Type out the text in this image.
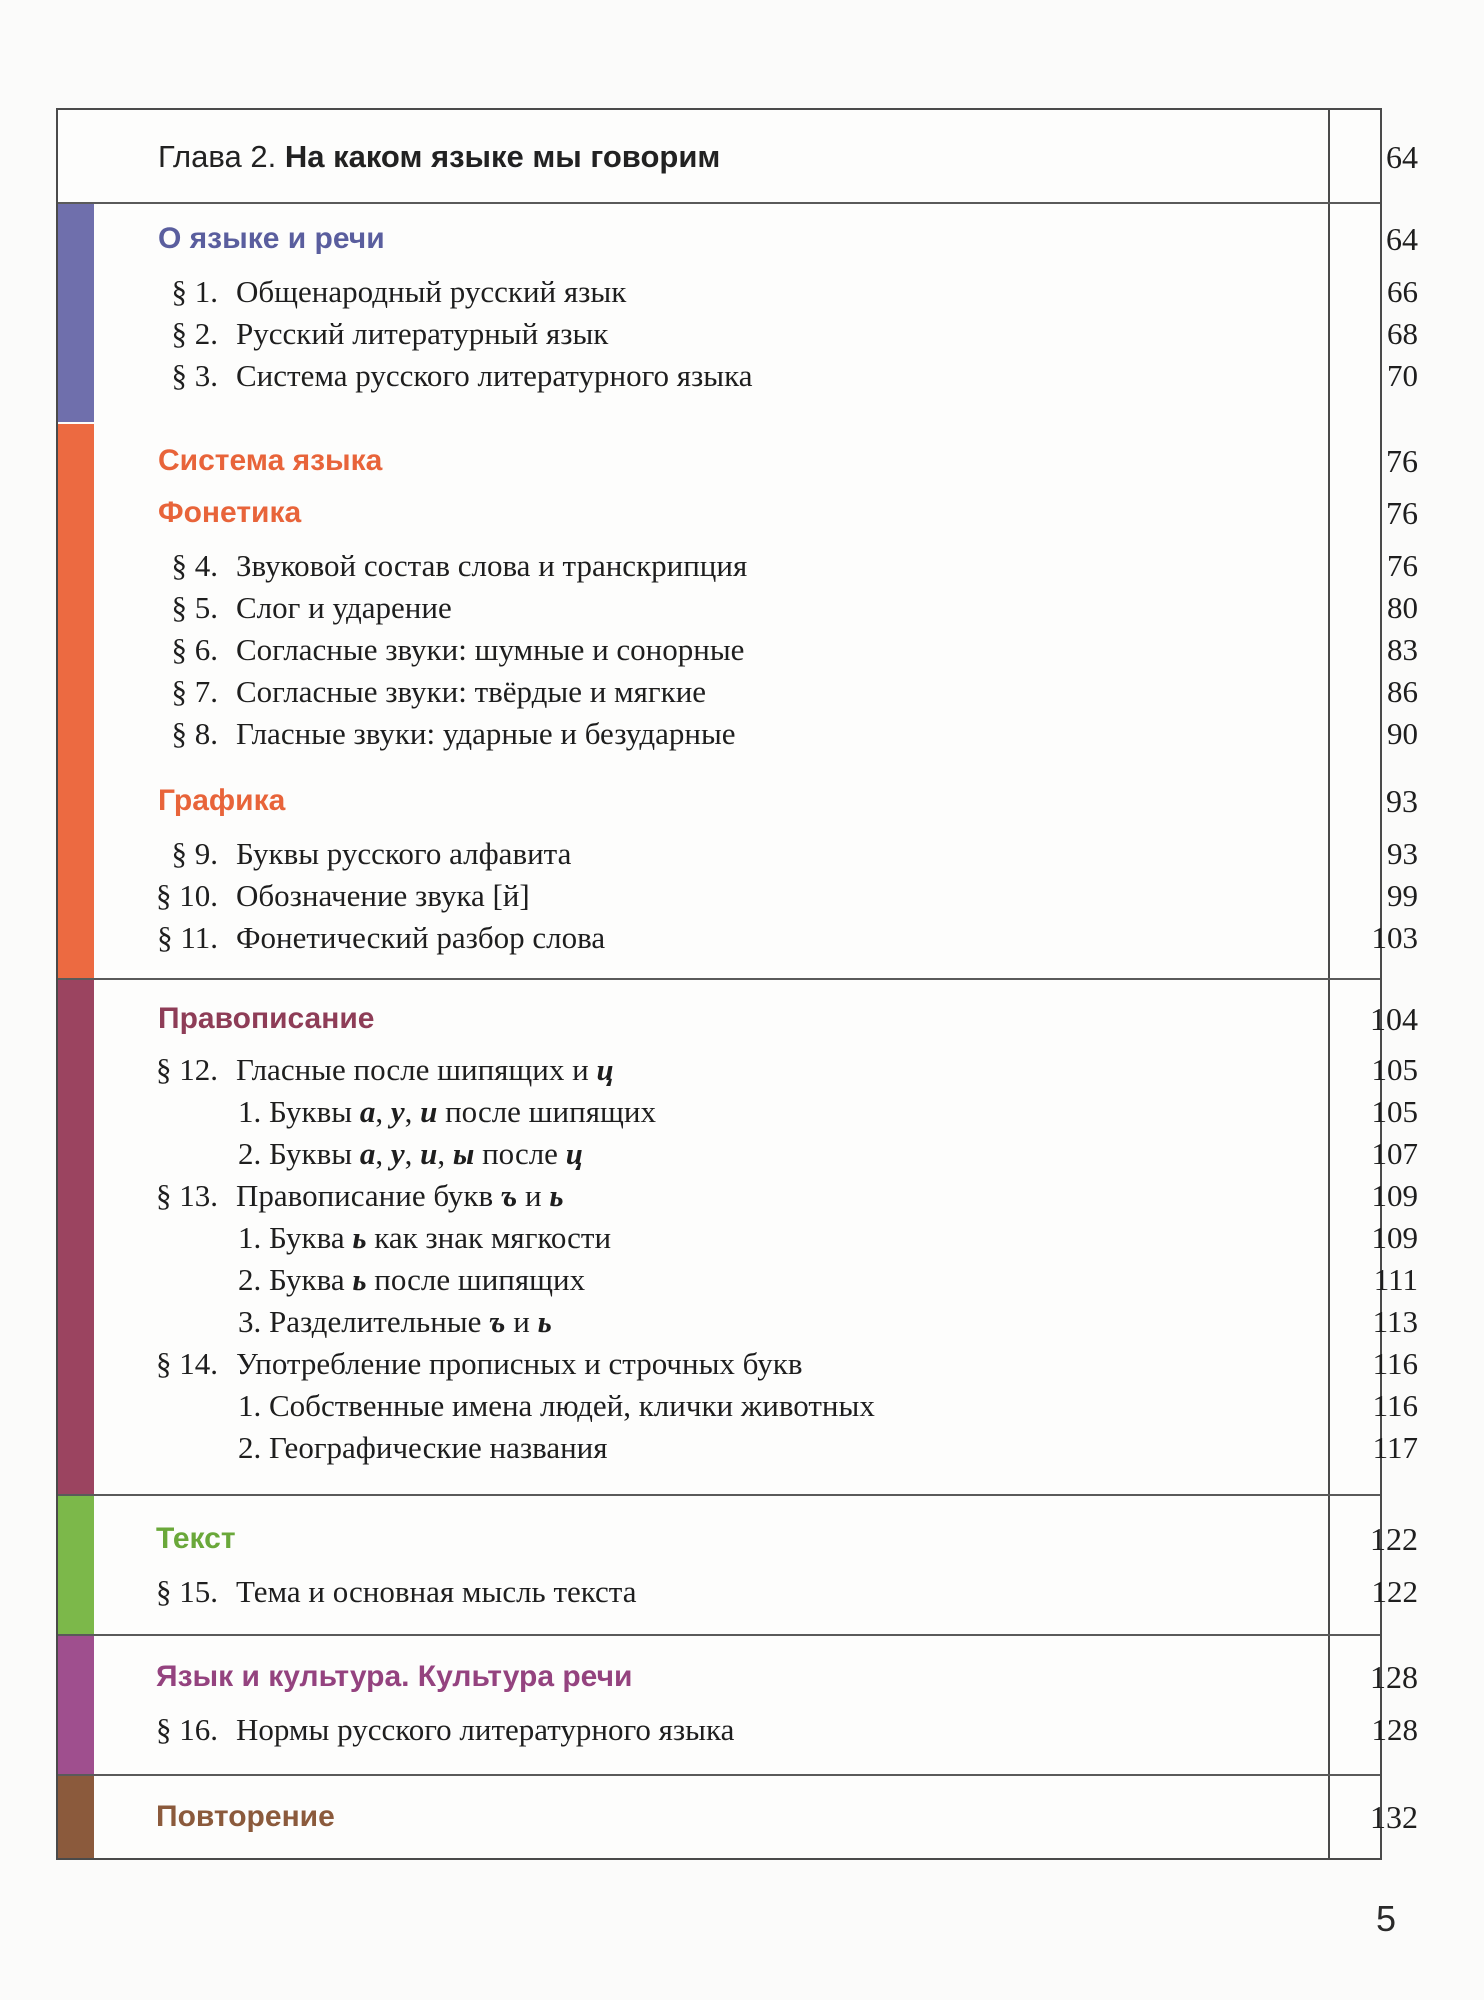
Глава 2. На каком языке мы говорим	64
О языке и речи	64
§ 1. Общенародный русский язык	66
§ 2. Русский литературный язык	68
§ 3. Система русского литературного языка	70
Система языка	76
Фонетика	76
§ 4. Звуковой состав слова и транскрипция	76
§ 5. Слог и ударение	80
§ 6. Согласные звуки: шумные и сонорные	83
§ 7. Согласные звуки: твёрдые и мягкие	86
§ 8. Гласные звуки: ударные и безударные	90
Графика	93
§ 9. Буквы русского алфавита	93
§ 10. Обозначение звука [й]	99
§ 11. Фонетический разбор слова	103
Правописание	104
§ 12. Гласные после шипящих и ц	105
1. Буквы а, у, и после шипящих	105
2. Буквы а, у, и, ы после ц	107
§ 13. Правописание букв ъ и ь	109
1. Буква ь как знак мягкости	109
2. Буква ь после шипящих	111
3. Разделительные ъ и ь	113
§ 14. Употребление прописных и строчных букв	116
1. Собственные имена людей, клички животных	116
2. Географические названия	117
Текст	122
§ 15. Тема и основная мысль текста	122
Язык и культура. Культура речи	128
§ 16. Нормы русского литературного языка	128
Повторение	132
5
